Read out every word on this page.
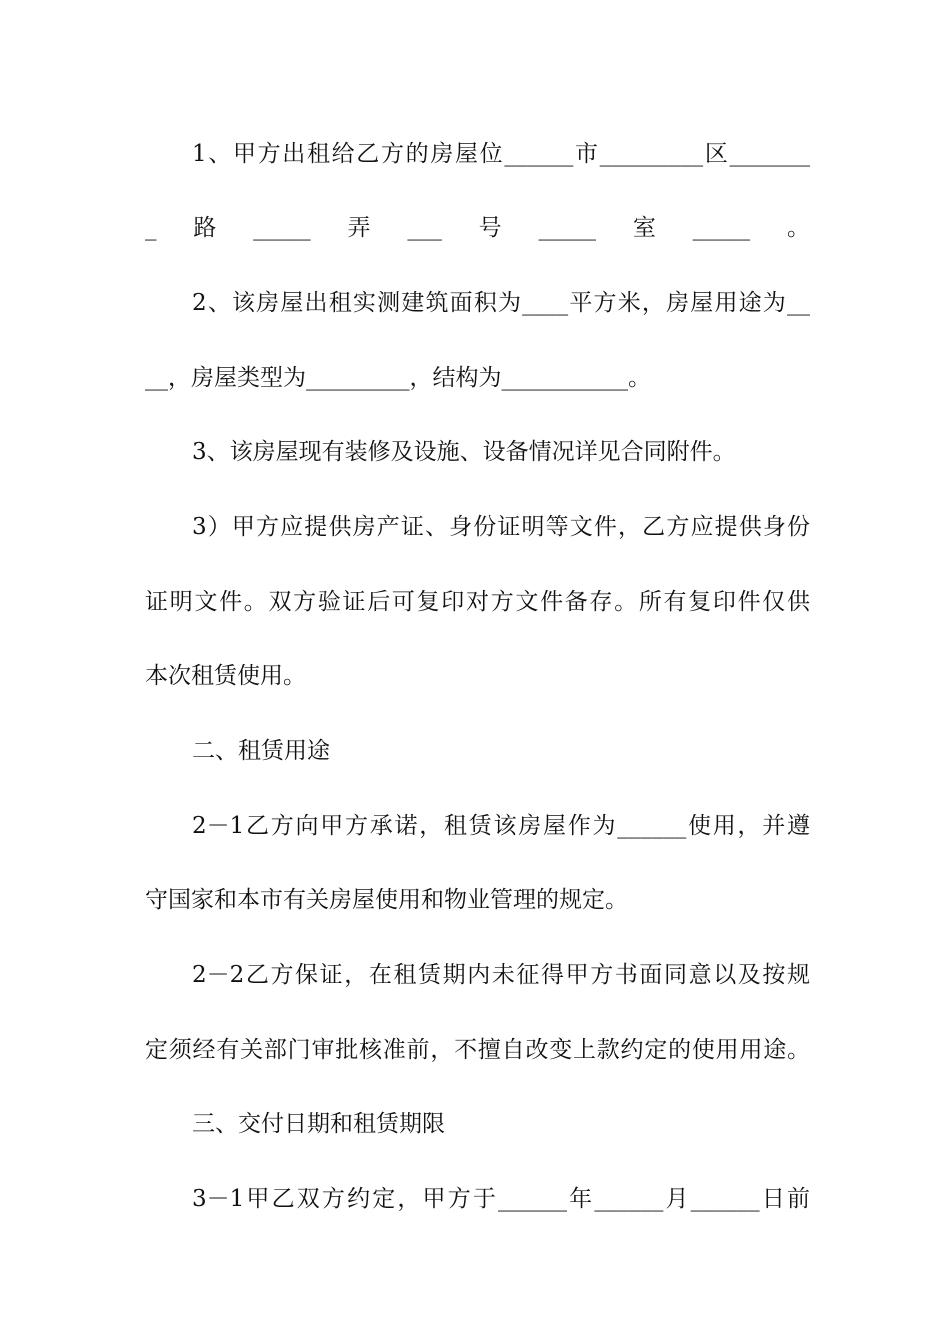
1、甲方出租给乙方的房屋位______市_________区_______
_路_____弄___号_____室_____。
2、该房屋出租实测建筑面积为____平方米，房屋用途为__
__，房屋类型为_________，结构为___________。
3、该房屋现有装修及设施、设备情况详见合同附件。
3）甲方应提供房产证、身份证明等文件，乙方应提供身份
证明文件。双方验证后可复印对方文件备存。所有复印件仅供
本次租赁使用。
二、租赁用途
2－1乙方向甲方承诺，租赁该房屋作为______使用，并遵
守国家和本市有关房屋使用和物业管理的规定。
2－2乙方保证，在租赁期内未征得甲方书面同意以及按规
定须经有关部门审批核准前，不擅自改变上款约定的使用用途。
三、交付日期和租赁期限
3－1甲乙双方约定，甲方于______年______月______日前
